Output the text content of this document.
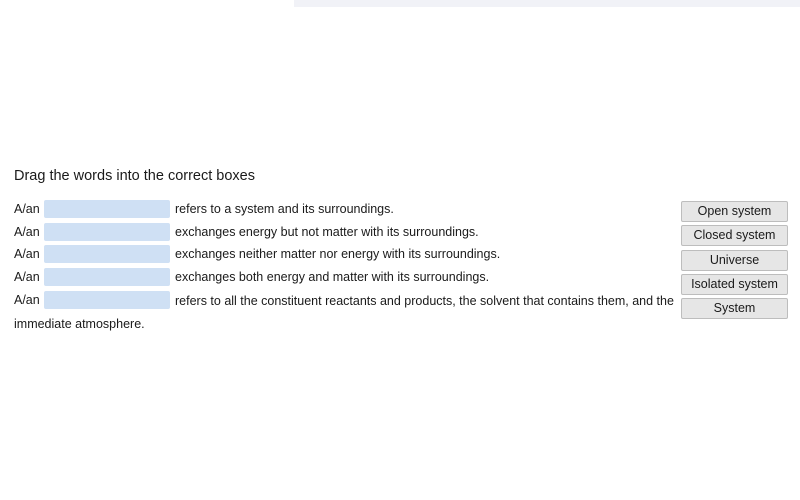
Drag the words into the correct boxes
A/an	refers to a system and its surroundings.
A/an	exchanges energy but not matter with its surroundings.
A/an	exchanges neither matter nor energy with its surroundings.
A/an	exchanges both energy and matter with its surroundings.
A/an	refers to all the constituent reactants and products, the solvent that contains them, and the immediate atmosphere.
Open system
Closed system
Universe
Isolated system
System
